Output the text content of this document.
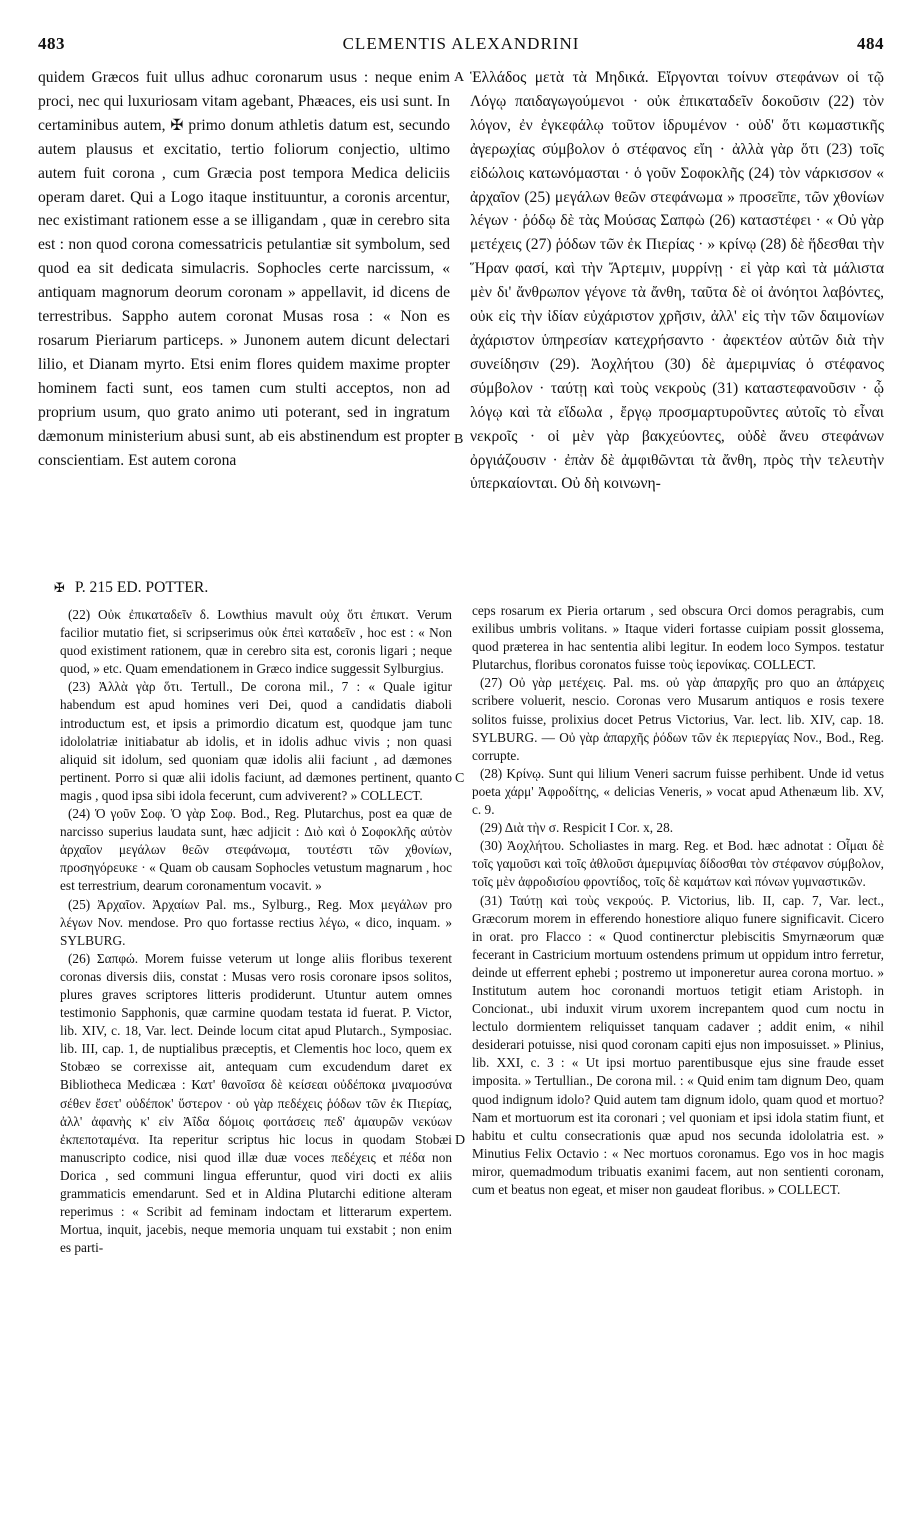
483	CLEMENTIS ALEXANDRINI	484
quidem Græcos fuit ullus adhuc coronarum usus : neque enim proci, nec qui luxuriosam vitam agebant, Phæaces, eis usi sunt. In certaminibus autem, ✠ primo donum athletis datum est, secundo autem plausus et excitatio, tertio foliorum conjectio, ultimo autem fuit corona , cum Græcia post tempora Medica deliciis operam daret. Qui a Logo itaque instituuntur, a coronis arcentur, nec existimant rationem esse a se illigandam , quæ in cerebro sita est : non quod corona comessatricis petulantiæ sit symbolum, sed quod ea sit dedicata simulacris. Sophocles certe narcissum, « antiquam magnorum deorum coronam » appellavit, id dicens de terrestribus. Sappho autem coronat Musas rosa : « Non es rosarum Pieriarum particeps. » Junonem autem dicunt delectari lilio, et Dianam myrto. Etsi enim flores quidem maxime propter hominem facti sunt, eos tamen cum stulti acceptos, non ad proprium usum, quo grato animo uti poterant, sed in ingratum dæmonum ministerium abusi sunt, ab eis abstinendum est propter conscientiam. Est autem corona
Ἑλλάδος μετὰ τὰ Μηδικά. Εἴργονται τοίνυν στεφάνων οἱ τῷ Λόγῳ παιδαγωγούμενοι · οὐκ ἐπικαταδεῖν δοκοῦσιν (22) τὸν λόγον, ἐν ἐγκεφάλῳ τοῦτον ἱδρυμένον · οὐδ' ὅτι κωμαστικῆς ἀγερωχίας σύμβολον ὁ στέφανος εἴη · ἀλλὰ γὰρ ὅτι (23) τοῖς εἰδώλοις κατωνόμασται · ὁ γοῦν Σοφοκλῆς (24) τὸν νάρκισσον « ἀρχαῖον (25) μεγάλων θεῶν στεφάνωμα » προσεῖπε, τῶν χθονίων λέγων · ῥόδῳ δὲ τὰς Μούσας Σαπφὼ (26) καταστέφει · « Οὐ γὰρ μετέχεις (27) ῥόδων τῶν ἐκ Πιερίας · » κρίνῳ (28) δὲ ἥδεσθαι τὴν Ἥραν φασί, καὶ τὴν Ἄρτεμιν, μυρρίνῃ · εἰ γὰρ καὶ τὰ μάλιστα μὲν δι' ἄνθρωπον γέγονε τὰ ἄνθη, ταῦτα δὲ οἱ ἀνόητοι λαβόντες, οὐκ εἰς τὴν ἰδίαν εὐχάριστον χρῆσιν, ἀλλ' εἰς τὴν τῶν δαιμονίων ἀχάριστον ὑπηρεσίαν κατεχρήσαντο · ἀφεκτέον αὐτῶν διὰ τὴν συνείδησιν (29). Ἀοχλήτου (30) δὲ ἀμεριμνίας ὁ στέφανος σύμβολον · ταύτῃ καὶ τοὺς νεκροὺς (31) καταστεφανοῦσιν · ᾧ λόγῳ καὶ τὰ εἴδωλα , ἔργῳ προσμαρτυροῦντες αὐτοῖς τὸ εἶναι νεκροῖς · οἱ μὲν γὰρ βακχεύοντες, οὐδὲ ἄνευ στεφάνων ὀργιάζουσιν · ἐπὰν δὲ ἀμφιθῶνται τὰ ἄνθη, πρὸς τὴν τελευτὴν ὑπερκαίονται. Οὐ δὴ κοινωνη-
A
B
C
D
✠ P. 215 ED. POTTER.

(22) Οὐκ ἐπικαταδεῖν δ. Lowthius mavult οὐχ ὅτι ἐπικατ. Verum facilior mutatio fiet, si scripserimus οὐκ ἐπεὶ καταδεῖν , hoc est : « Non quod existiment rationem, quæ in cerebro sita est, coronis ligari ; neque quod, » etc. Quam emendationem in Græco indice suggessit Sylburgius.

(23) Ἀλλὰ γὰρ ὅτι. Tertull., De corona mil., 7 : « Quale igitur habendum est apud homines veri Dei, quod a candidatis diaboli introductum est, et ipsis a primordio dicatum est, quodque jam tunc idololatriæ initiabatur ab idolis, et in idolis adhuc vivis ; non quasi aliquid sit idolum, sed quoniam quæ idolis alii faciunt , ad dæmones pertinent. Porro si quæ alii idolis faciunt, ad dæmones pertinent, quanto magis , quod ipsa sibi idola fecerunt, cum adviverent? » COLLECT.

(24) Ὁ γοῦν Σοφ. Ὁ γὰρ Σοφ. Bod., Reg. Plutarchus, post ea quæ de narcisso superius laudata sunt, hæc adjicit : Διὸ καὶ ὁ Σοφοκλῆς αὐτὸν ἀρχαῖον μεγάλων θεῶν στεφάνωμα, τουτέστι τῶν χθονίων, προσηγόρευκε · « Quam ob causam Sophocles vetustum magnarum , hoc est terrestrium, dearum coronamentum vocavit. »

(25) Ἀρχαῖον. Ἀρχαίων Pal. ms., Sylburg., Reg. Mox μεγάλων pro λέγων Nov. mendose. Pro quo fortasse rectius λέγω, « dico, inquam. » SYLBURG.

(26) Σαπφώ. Morem fuisse veterum ut longe aliis floribus texerent coronas diversis diis, constat : Musas vero rosis coronare ipsos solitos, plures graves scriptores litteris prodiderunt. Utuntur autem omnes testimonio Sapphonis, quæ carmine quodam testata id fuerat. P. Victor, lib. XIV, c. 18, Var. lect. Deinde locum citat apud Plutarch., Symposiac. lib. III, cap. 1, de nuptialibus præceptis, et Clementis hoc loco, quem ex Stobæo se correxisse ait, antequam cum excudendum daret ex Bibliotheca Medicæa : Κατ' θανοῖσα δὲ κείσεαι οὐδέποκα μναμοσύνα σέθεν ἔσετ' οὐδέποκ' ὕστερον · οὐ γὰρ πεδέχεις ῥόδων τῶν ἐκ Πιερίας, ἀλλ' ἀφανὴς κ' εἰν Ἀΐδα δόμοις φοιτάσεις πεδ' ἀμαυρῶν νεκύων ἐκπεποταμένα. Ita reperitur scriptus hic locus in quodam Stobæi manuscripto codice, nisi quod illæ duæ voces πεδέχεις et πέδα non Dorica , sed communi lingua efferuntur, quod viri docti ex aliis grammaticis emendarunt. Sed et in Aldina Plutarchi editione alteram reperimus : « Scribit ad feminam indoctam et litterarum expertem. Mortua, inquit, jacebis, neque memoria unquam tui exstabit ; non enim es parti-

ceps rosarum ex Pieria ortarum , sed obscura Orci domos peragrabis, cum exilibus umbris volitans. » Itaque videri fortasse cuipiam possit glossema, quod præterea in hac sententia alibi legitur. In eodem loco Sympos. testatur Plutarchus, floribus coronatos fuisse τοὺς ἱερονίκας. COLLECT.

(27) Οὐ γὰρ μετέχεις. Pal. ms. οὐ γὰρ ἀπαρχῆς pro quo an ἀπάρχεις scribere voluerit, nescio. Coronas vero Musarum antiquos e rosis texere solitos fuisse, prolixius docet Petrus Victorius, Var. lect. lib. XIV, cap. 18. SYLBURG. — Οὐ γὰρ ἀπαρχῆς ῥόδων τῶν ἐκ περιεργίας Nov., Bod., Reg. corrupte.

(28) Κρίνῳ. Sunt qui lilium Veneri sacrum fuisse perhibent. Unde id vetus poeta χάρμ' Ἀφροδίτης, « delicias Veneris, » vocat apud Athenæum lib. XV, c. 9.

(29) Διὰ τὴν σ. Respicit I Cor. x, 28.

(30) Ἀοχλήτου. Scholiastes in marg. Reg. et Bod. hæc adnotat : Οἶμαι δὲ τοῖς γαμοῦσι καὶ τοῖς ἀθλοῦσι ἀμεριμνίας δίδοσθαι τὸν στέφανον σύμβολον, τοῖς μὲν ἀφροδισίου φροντίδος, τοῖς δὲ καμάτων καὶ πόνων γυμναστικῶν.

(31) Ταύτῃ καὶ τοὺς νεκρούς. P. Victorius, lib. II, cap. 7, Var. lect., Græcorum morem in efferendo honestiore aliquo funere significavit. Cicero in orat. pro Flacco : « Quod continerctur plebiscitis Smyrnæorum quæ fecerant in Castricium mortuum ostendens primum ut oppidum intro ferretur, deinde ut efferrent ephebi ; postremo ut imponeretur aurea corona mortuo. » Institutum autem hoc coronandi mortuos tetigit etiam Aristoph. in Concionat., ubi induxit virum uxorem increpantem quod cum noctu in lectulo dormientem reliquisset tanquam cadaver ; addit enim, « nihil desiderari potuisse, nisi quod coronam capiti ejus non imposuisset. » Plinius, lib. XXI, c. 3 : « Ut ipsi mortuo parentibusque ejus sine fraude esset imposita. » Tertullian., De corona mil. : « Quid enim tam dignum Deo, quam quod indignum idolo? Quid autem tam dignum idolo, quam quod et mortuo? Nam et mortuorum est ita coronari ; vel quoniam et ipsi idola statim fiunt, et habitu et cultu consecrationis quæ apud nos secunda idololatria est. » Minutius Felix Octavio : « Nec mortuos coronamus. Ego vos in hoc magis miror, quemadmodum tribuatis exanimi facem, aut non sentienti coronam, cum et beatus non egeat, et miser non gaudeat floribus. » COLLECT.
